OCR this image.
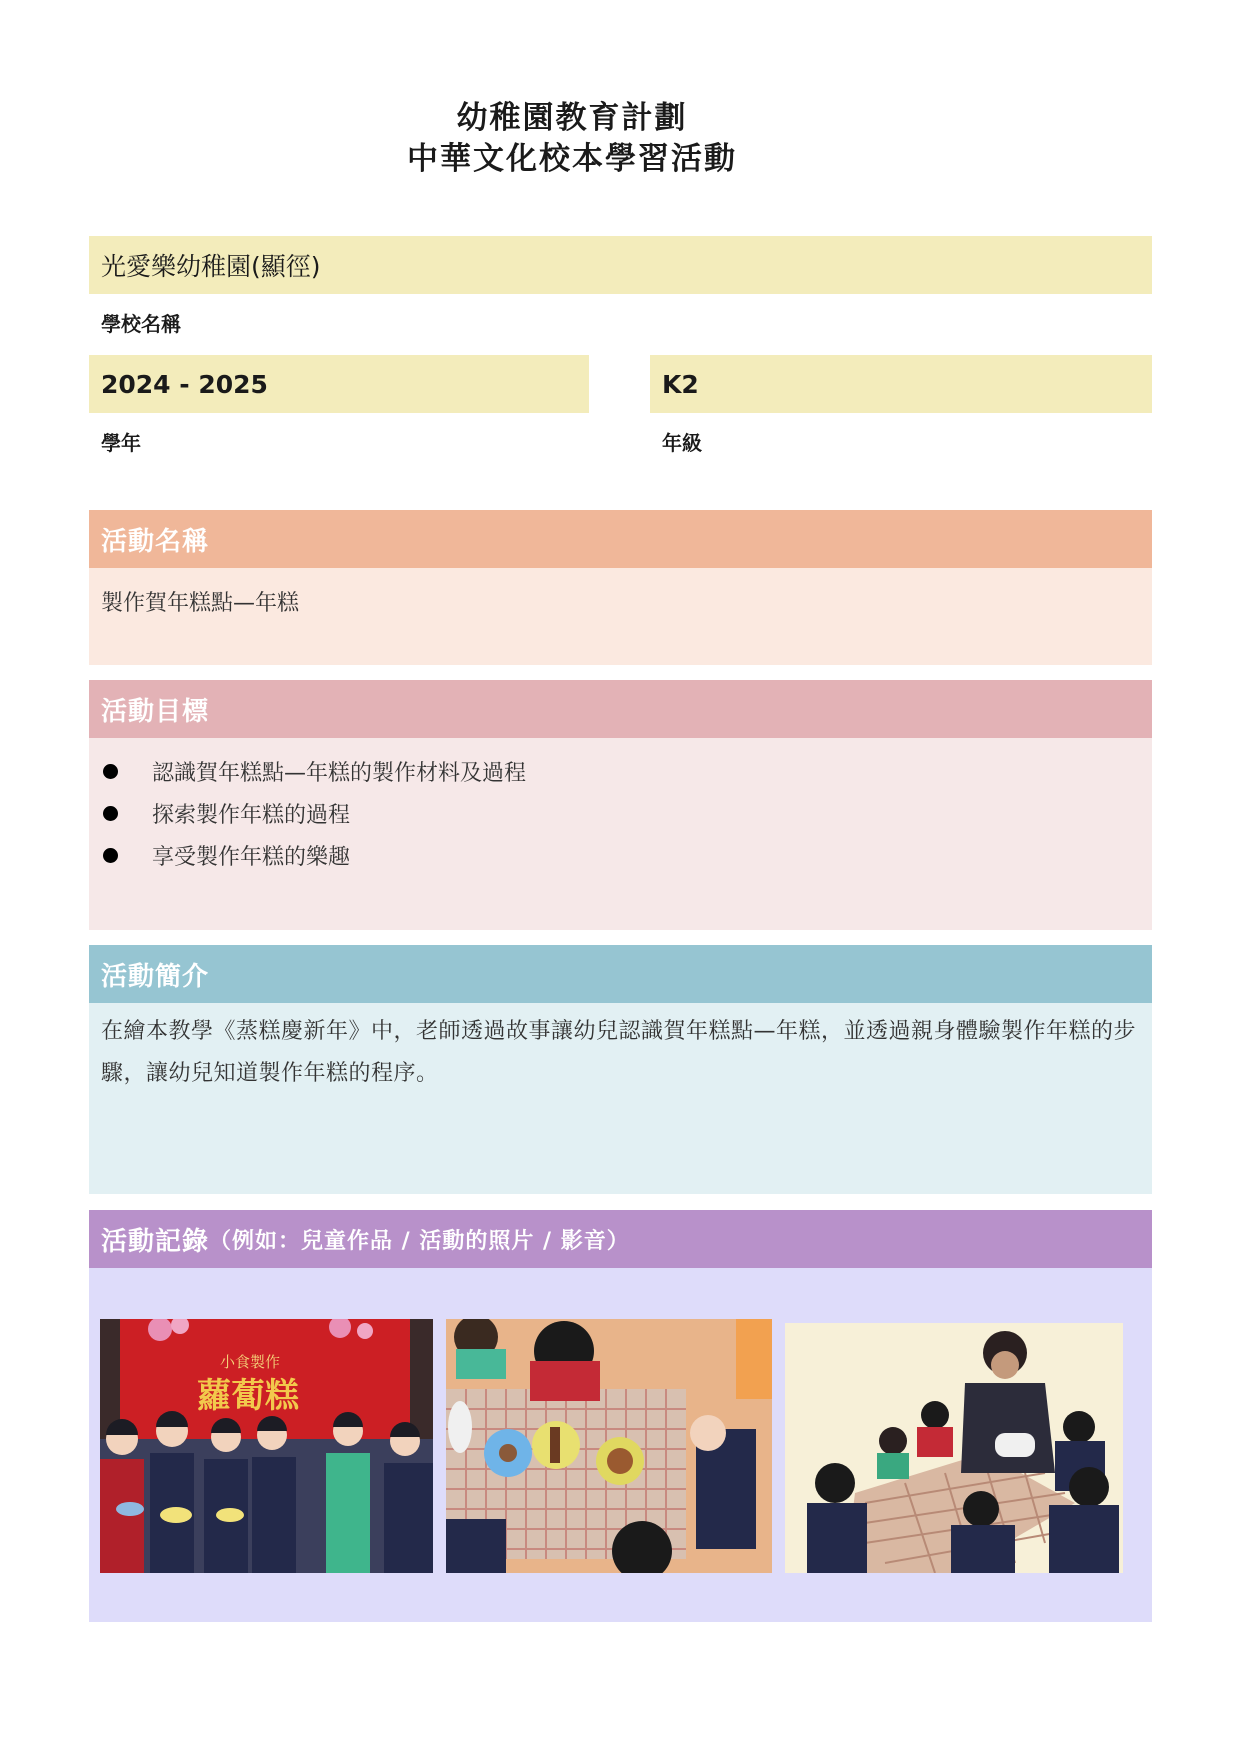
幼稚園教育計劃
中華文化校本學習活動
光愛樂幼稚園(顯徑)
學校名稱
2024 - 2025
學年
K2
年級
活動名稱
製作賀年糕點—年糕
活動目標
認識賀年糕點—年糕的製作材料及過程
探索製作年糕的過程
享受製作年糕的樂趣
活動簡介
在繪本教學《蒸糕慶新年》中，老師透過故事讓幼兒認識賀年糕點—年糕，並透過親身體驗製作年糕的步驟，讓幼兒知道製作年糕的程序。
活動記錄 （例如：兒童作品 / 活動的照片 / 影音）
小食製作
蘿蔔糕
